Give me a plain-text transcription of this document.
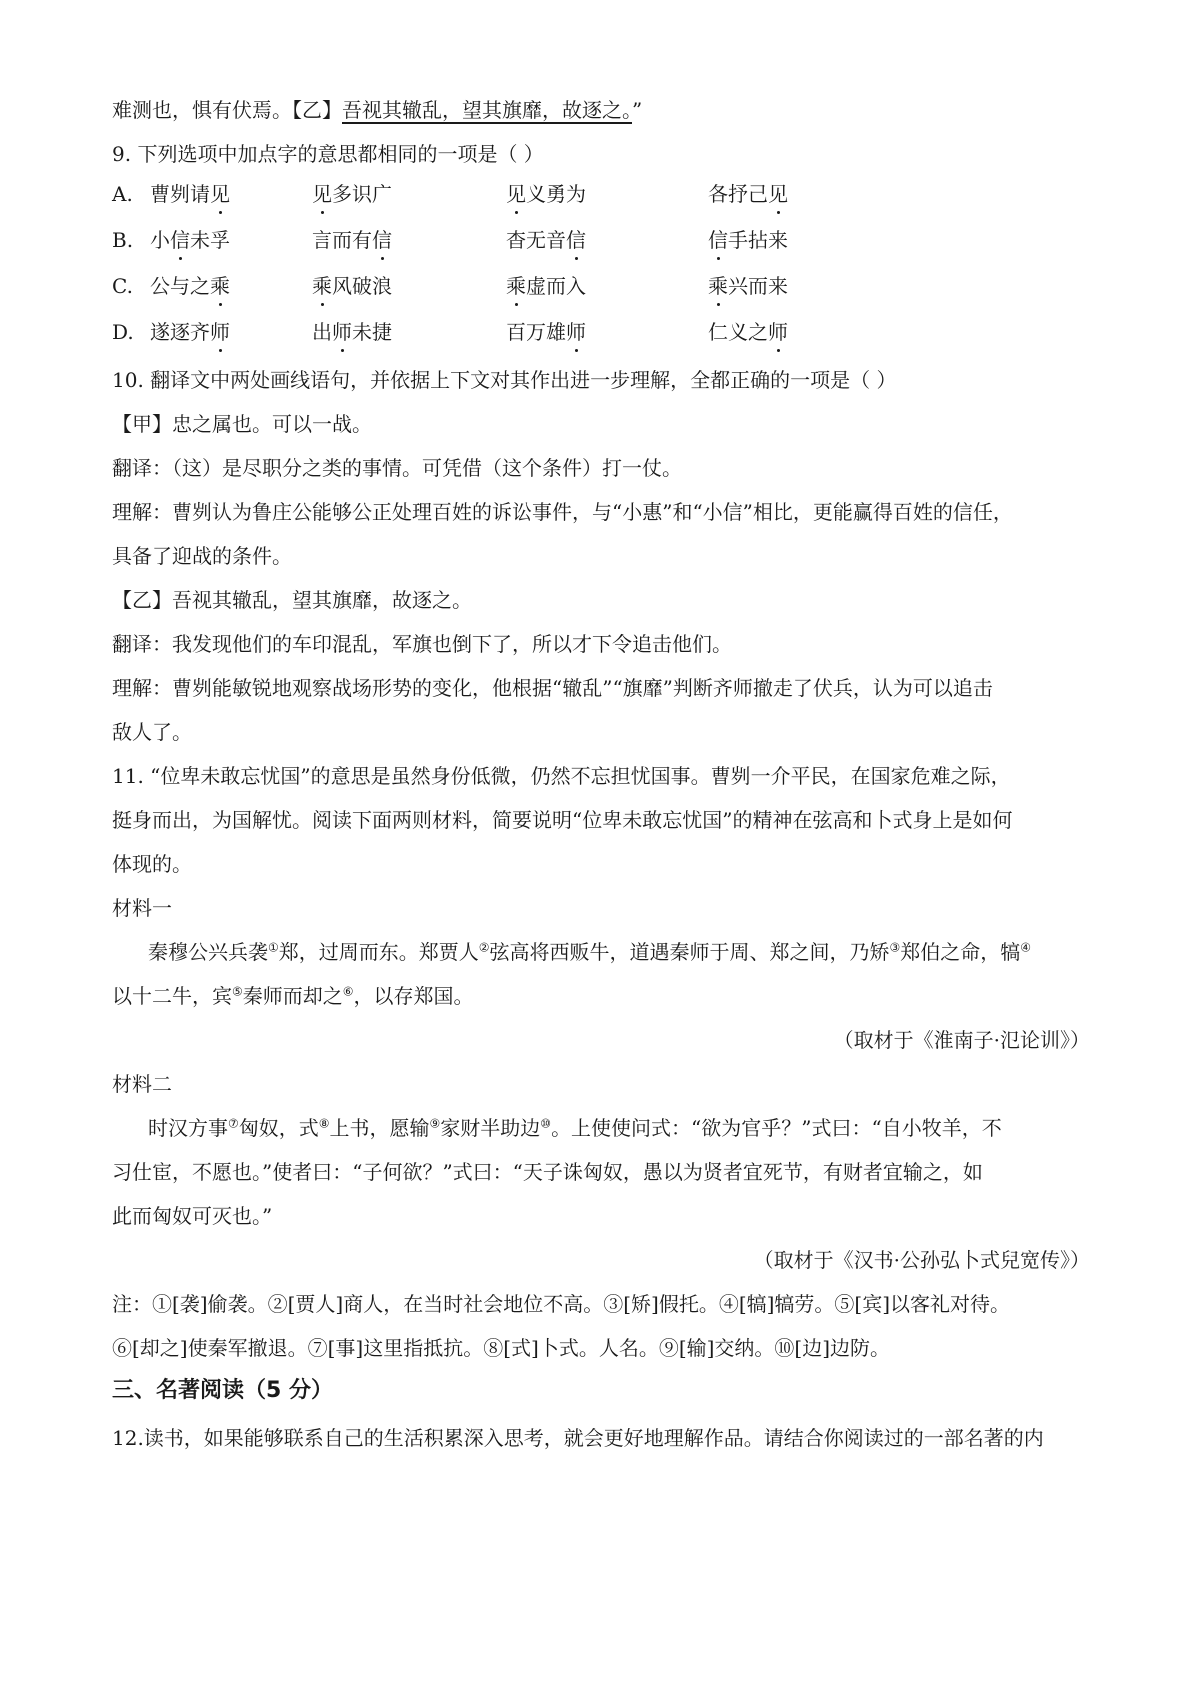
难测也，惧有伏焉。【乙】吾视其辙乱，望其旗靡，故逐之。”
9. 下列选项中加点字的意思都相同的一项是（ ）
A. 曹刿请见	见多识广	见义勇为	各抒己见
B. 小信未孚	言而有信	杳无音信	信手拈来
C. 公与之乘	乘风破浪	乘虚而入	乘兴而来
D. 遂逐齐师	出师未捷	百万雄师	仁义之师
10. 翻译文中两处画线语句，并依据上下文对其作出进一步理解，全都正确的一项是（ ）
【甲】忠之属也。可以一战。
翻译：（这）是尽职分之类的事情。可凭借（这个条件）打一仗。
理解：曹刿认为鲁庄公能够公正处理百姓的诉讼事件，与“小惠”和“小信”相比，更能赢得百姓的信任，
具备了迎战的条件。
【乙】吾视其辙乱，望其旗靡，故逐之。
翻译：我发现他们的车印混乱，军旗也倒下了，所以才下令追击他们。
理解：曹刿能敏锐地观察战场形势的变化，他根据“辙乱”“旗靡”判断齐师撤走了伏兵，认为可以追击
敌人了。
11. “位卑未敢忘忧国”的意思是虽然身份低微，仍然不忘担忧国事。曹刿一介平民，在国家危难之际，
挺身而出，为国解忧。阅读下面两则材料，简要说明“位卑未敢忘忧国”的精神在弦高和卜式身上是如何
体现的。
材料一
秦穆公兴兵袭①郑，过周而东。郑贾人②弦高将西贩牛，道遇秦师于周、郑之间，乃矫③郑伯之命，犒④
以十二牛，宾⑤秦师而却之⑥，以存郑国。
（取材于《淮南子·氾论训》）
材料二
时汉方事⑦匈奴，式⑧上书，愿输⑨家财半助边⑩。上使使问式：“欲为官乎？”式曰：“自小牧羊，不
习仕宦，不愿也。”使者曰：“子何欲？”式曰：“天子诛匈奴，愚以为贤者宜死节，有财者宜输之，如
此而匈奴可灭也。”
（取材于《汉书·公孙弘卜式兒宽传》）
注：①[袭]偷袭。②[贾人]商人，在当时社会地位不高。③[矫]假托。④[犒]犒劳。⑤[宾]以客礼对待。
⑥[却之]使秦军撤退。⑦[事]这里指抵抗。⑧[式]卜式。人名。⑨[输]交纳。⑩[边]边防。
三、名著阅读（5 分）
12.读书，如果能够联系自己的生活积累深入思考，就会更好地理解作品。请结合你阅读过的一部名著的内
